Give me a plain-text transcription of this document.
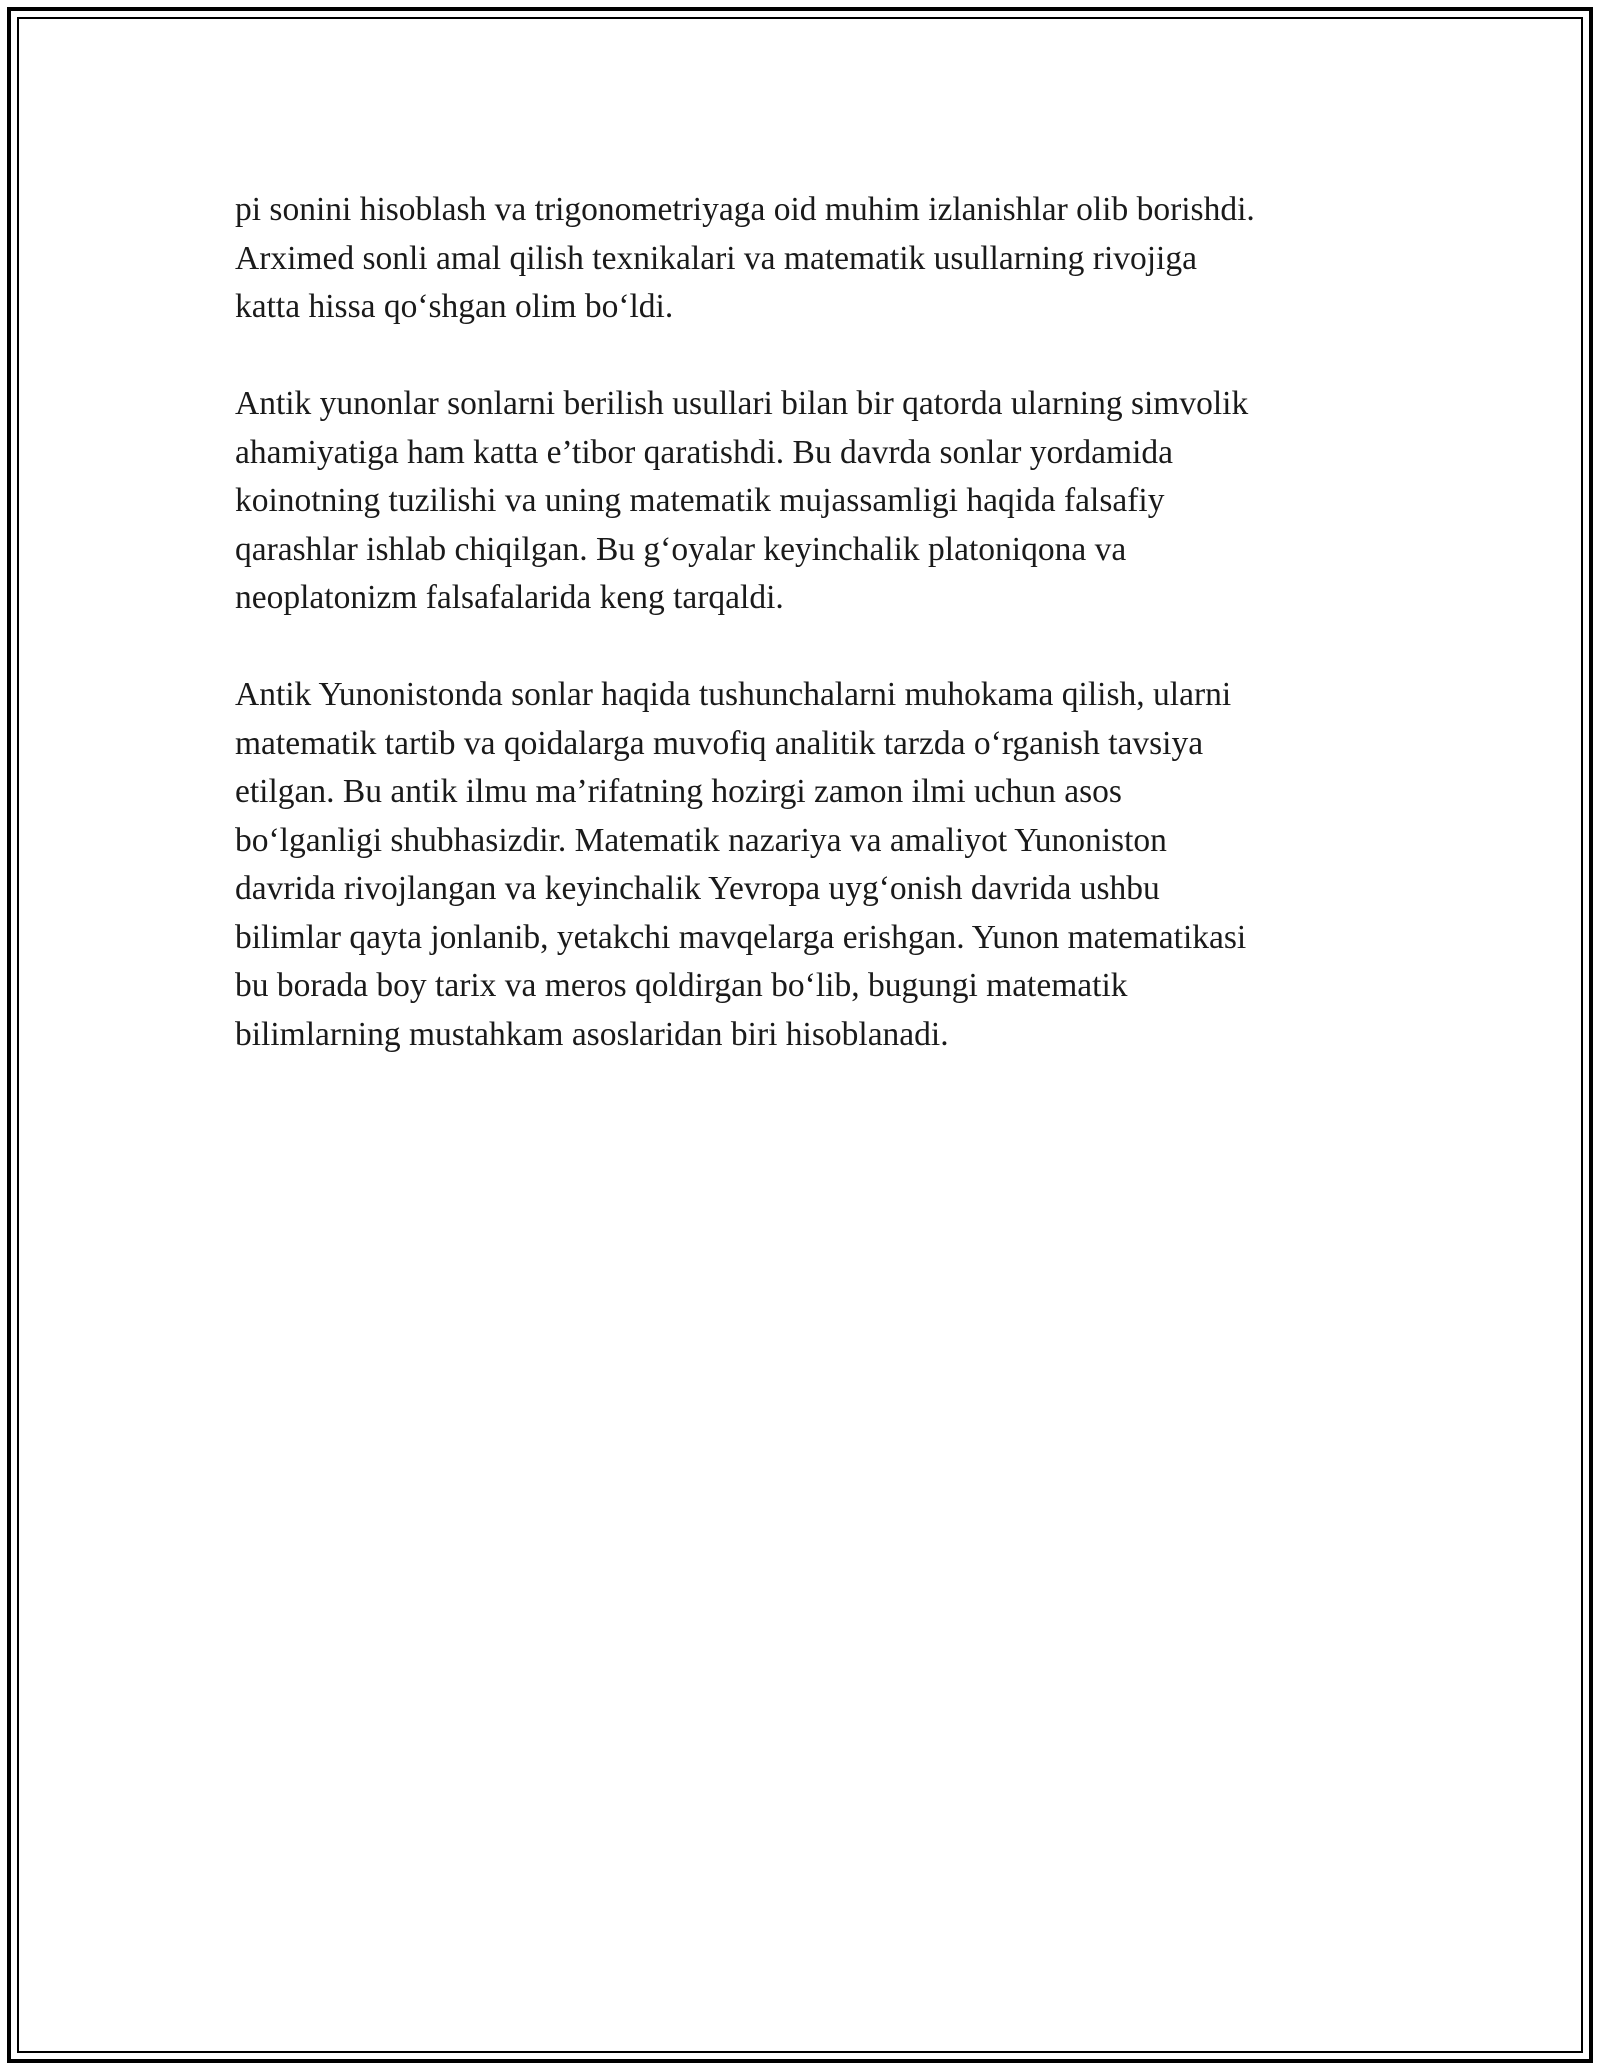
pi sonini hisoblash va trigonometriyaga oid muhim izlanishlar olib borishdi.
Arximed sonli amal qilish texnikalari va matematik usullarning rivojiga
katta hissa qo‘shgan olim bo‘ldi.

Antik yunonlar sonlarni berilish usullari bilan bir qatorda ularning simvolik
ahamiyatiga ham katta e’tibor qaratishdi. Bu davrda sonlar yordamida
koinotning tuzilishi va uning matematik mujassamligi haqida falsafiy
qarashlar ishlab chiqilgan. Bu g‘oyalar keyinchalik platoniqona va
neoplatonizm falsafalarida keng tarqaldi.

Antik Yunonistonda sonlar haqida tushunchalarni muhokama qilish, ularni
matematik tartib va qoidalarga muvofiq analitik tarzda o‘rganish tavsiya
etilgan. Bu antik ilmu ma’rifatning hozirgi zamon ilmi uchun asos
bo‘lganligi shubhasizdir. Matematik nazariya va amaliyot Yunoniston
davrida rivojlangan va keyinchalik Yevropa uyg‘onish davrida ushbu
bilimlar qayta jonlanib, yetakchi mavqelarga erishgan. Yunon matematikasi
bu borada boy tarix va meros qoldirgan bo‘lib, bugungi matematik
bilimlarning mustahkam asoslaridan biri hisoblanadi.
